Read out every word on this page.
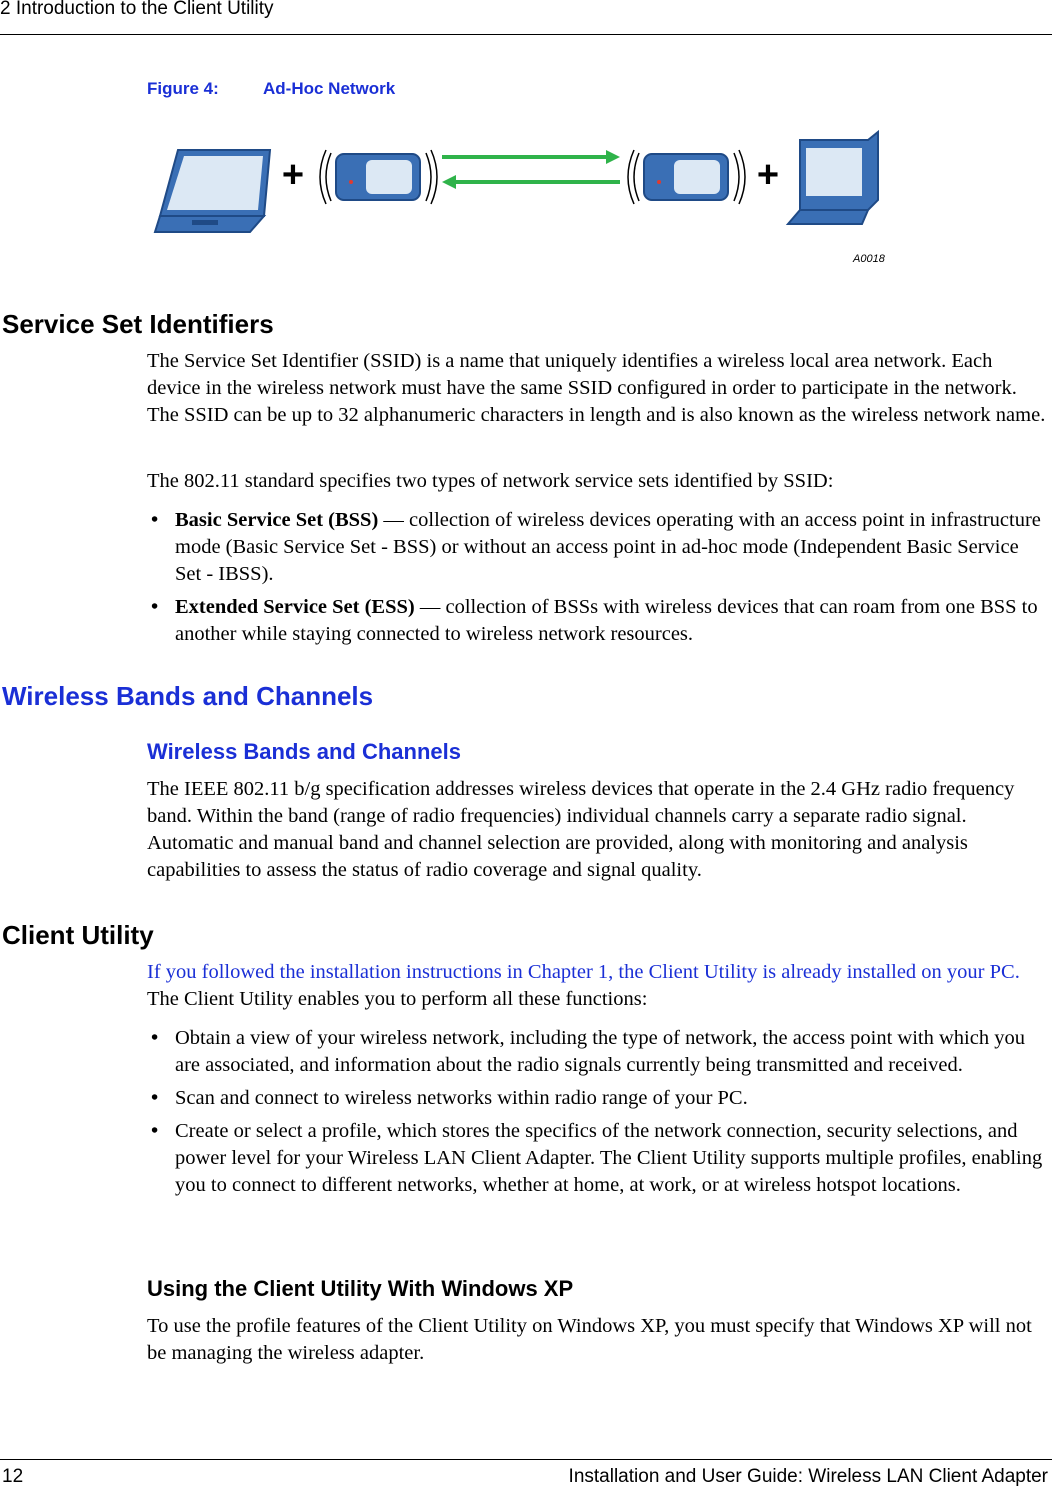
2 Introduction to the Client Utility
Figure 4:	Ad-Hoc Network
+	+
A0018
Service Set Identifiers

The Service Set Identifier (SSID) is a name that uniquely identifies a wireless local area network. Each device in the wireless network must have the same SSID configured in order to participate in the network. The SSID can be up to 32 alphanumeric characters in length and is also known as the wireless network name.

The 802.11 standard specifies two types of network service sets identified by SSID:

• Basic Service Set (BSS) — collection of wireless devices operating with an access point in infrastructure mode (Basic Service Set - BSS) or without an access point in ad-hoc mode (Independent Basic Service Set - IBSS).
• Extended Service Set (ESS) — collection of BSSs with wireless devices that can roam from one BSS to another while staying connected to wireless network resources.
Wireless Bands and Channels
Wireless Bands and Channels

The IEEE 802.11 b/g specification addresses wireless devices that operate in the 2.4 GHz radio frequency band. Within the band (range of radio frequencies) individual channels carry a separate radio signal. Automatic and manual band and channel selection are provided, along with monitoring and analysis capabilities to assess the status of radio coverage and signal quality.

Client Utility

If you followed the installation instructions in Chapter 1, the Client Utility is already installed on your PC. The Client Utility enables you to perform all these functions:

• Obtain a view of your wireless network, including the type of network, the access point with which you are associated, and information about the radio signals currently being transmitted and received.
• Scan and connect to wireless networks within radio range of your PC.
• Create or select a profile, which stores the specifics of the network connection, security selections, and power level for your Wireless LAN Client Adapter. The Client Utility supports multiple profiles, enabling you to connect to different networks, whether at home, at work, or at wireless hotspot locations.
Using the Client Utility With Windows XP

To use the profile features of the Client Utility on Windows XP, you must specify that Windows XP will not be managing the wireless adapter.

12	Installation and User Guide: Wireless LAN Client Adapter
